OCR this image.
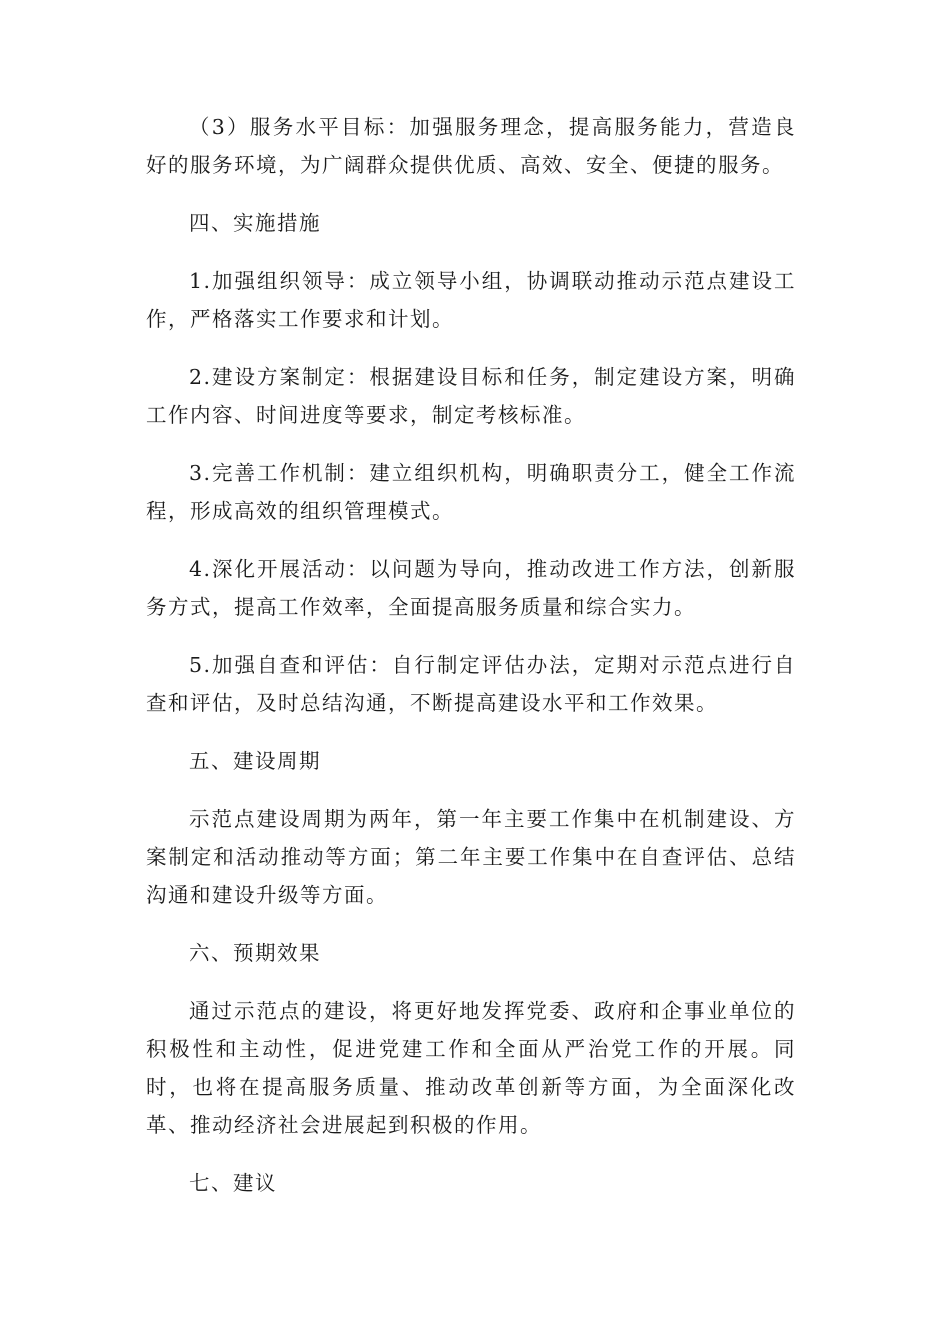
（3）服务水平目标：加强服务理念，提高服务能力，营造良好的服务环境，为广阔群众提供优质、高效、安全、便捷的服务。

四、实施措施

1.加强组织领导：成立领导小组，协调联动推动示范点建设工作，严格落实工作要求和计划。

2.建设方案制定：根据建设目标和任务，制定建设方案，明确工作内容、时间进度等要求，制定考核标准。

3.完善工作机制：建立组织机构，明确职责分工，健全工作流程，形成高效的组织管理模式。

4.深化开展活动：以问题为导向，推动改进工作方法，创新服务方式，提高工作效率，全面提高服务质量和综合实力。

5.加强自查和评估：自行制定评估办法，定期对示范点进行自查和评估，及时总结沟通，不断提高建设水平和工作效果。

五、建设周期

示范点建设周期为两年，第一年主要工作集中在机制建设、方案制定和活动推动等方面；第二年主要工作集中在自查评估、总结沟通和建设升级等方面。

六、预期效果

通过示范点的建设，将更好地发挥党委、政府和企事业单位的积极性和主动性，促进党建工作和全面从严治党工作的开展。同时，也将在提高服务质量、推动改革创新等方面，为全面深化改革、推动经济社会进展起到积极的作用。

七、建议
